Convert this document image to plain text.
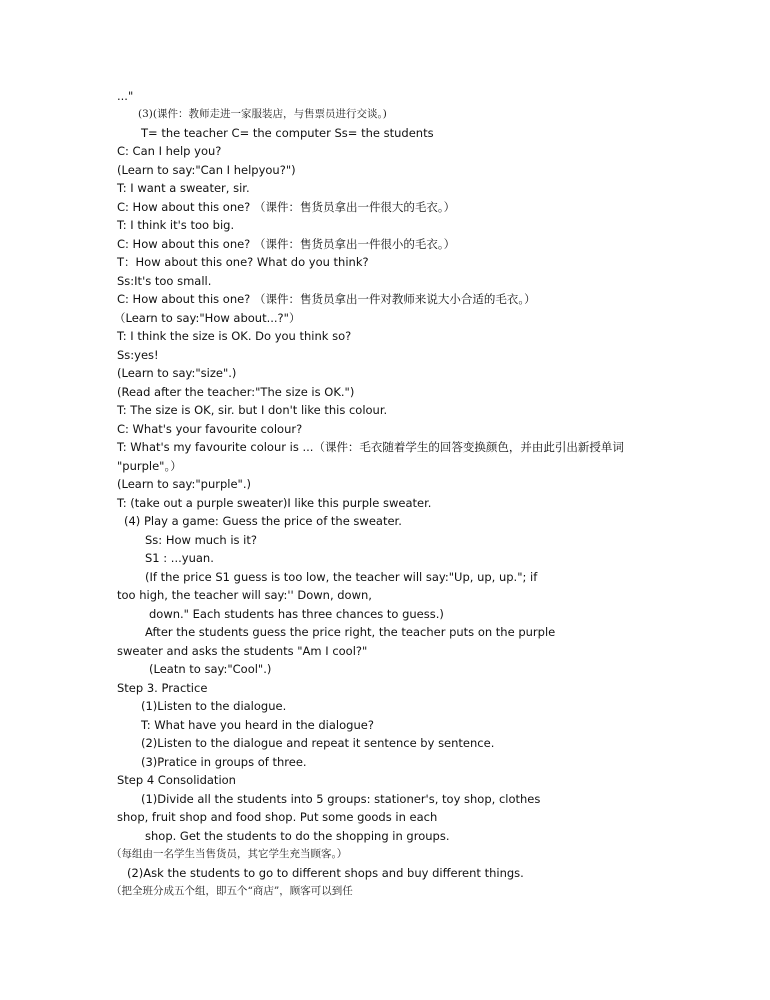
..."
(3)(课件：教师走进一家服装店，与售票员进行交谈。)
T= the teacher C= the computer Ss= the students
C: Can I help you?
(Learn to say:"Can I helpyou?")
T: I want a sweater, sir.
C: How about this one? （课件：售货员拿出一件很大的毛衣。）
T: I think it's too big.
C: How about this one? （课件：售货员拿出一件很小的毛衣。）
T：How about this one? What do you think?
Ss:It's too small.
C: How about this one? （课件：售货员拿出一件对教师来说大小合适的毛衣。）
（Learn to say:"How about...?"）
T: I think the size is OK. Do you think so?
Ss:yes!
(Learn to say:"size".)
(Read after the teacher:"The size is OK.")
T: The size is OK, sir. but I don't like this colour.
C: What's your favourite colour?
T: What's my favourite colour is ...（课件：毛衣随着学生的回答变换颜色，并由此引出新授单词
"purple"。）
(Learn to say:"purple".)
T: (take out a purple sweater)I like this purple sweater.
(4) Play a game: Guess the price of the sweater.
Ss: How much is it?
S1 : ...yuan.
(If the price S1 guess is too low, the teacher will say:"Up, up, up."; if
too high, the teacher will say:'' Down, down,
down." Each students has three chances to guess.)
After the students guess the price right, the teacher puts on the purple
sweater and asks the students "Am I cool?"
(Leatn to say:"Cool".)
Step 3. Practice
(1)Listen to the dialogue.
T: What have you heard in the dialogue?
(2)Listen to the dialogue and repeat it sentence by sentence.
(3)Pratice in groups of three.
Step 4 Consolidation
(1)Divide all the students into 5 groups: stationer's, toy shop, clothes
shop, fruit shop and food shop. Put some goods in each
shop. Get the students to do the shopping in groups.
（每组由一名学生当售货员，其它学生充当顾客。）
(2)Ask the students to go to different shops and buy different things.
（把全班分成五个组，即五个“商店”，顾客可以到任
